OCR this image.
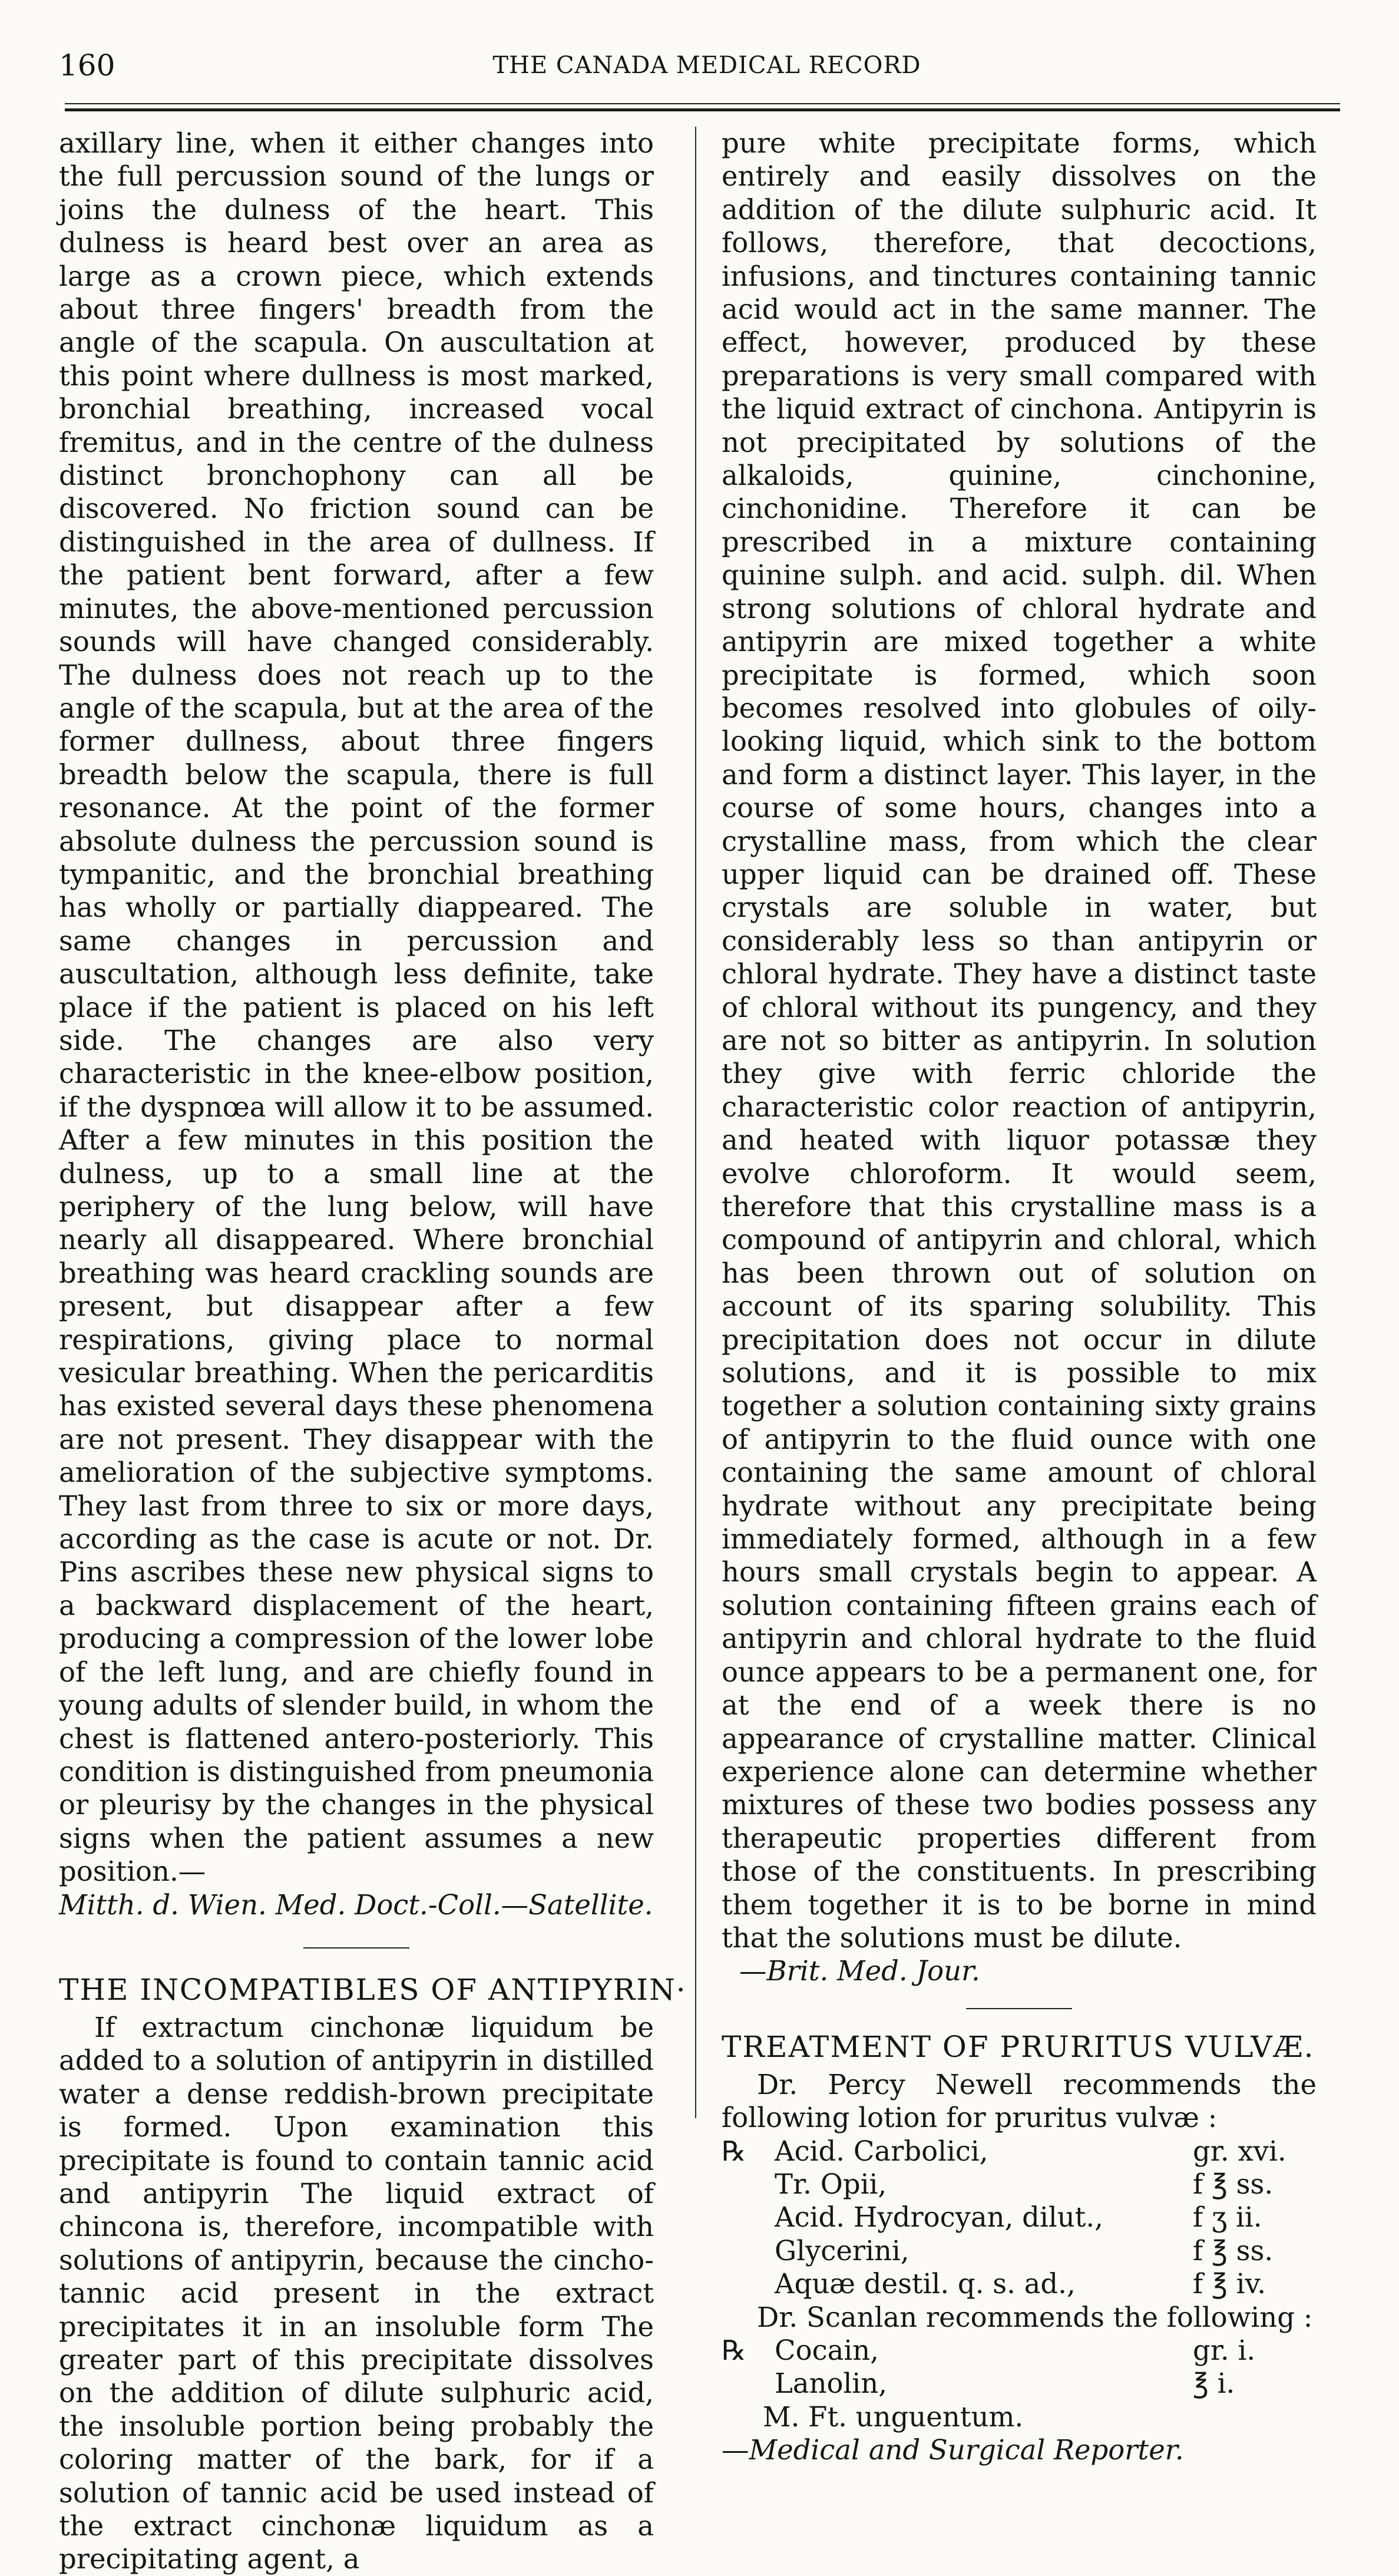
160	THE CANADA MEDICAL RECORD

axillary line, when it either changes into the full percussion sound of the lungs or joins the dulness of the heart. This dulness is heard best over an area as large as a crown piece, which extends about three fingers' breadth from the angle of the scapula. On auscultation at this point where dullness is most marked, bronchial breathing, increased vocal fremitus, and in the centre of the dulness distinct bronchophony can all be discovered. No friction sound can be distinguished in the area of dullness. If the patient bent forward, after a few minutes, the above-mentioned percussion sounds will have changed considerably. The dulness does not reach up to the angle of the scapula, but at the area of the former dullness, about three fingers breadth below the scapula, there is full resonance. At the point of the former absolute dulness the percussion sound is tympanitic, and the bronchial breathing has wholly or partially diappeared. The same changes in percussion and auscultation, although less definite, take place if the patient is placed on his left side. The changes are also very characteristic in the knee-elbow position, if the dyspnœa will allow it to be assumed. After a few minutes in this position the dulness, up to a small line at the periphery of the lung below, will have nearly all disappeared. Where bronchial breathing was heard crackling sounds are present, but disappear after a few respirations, giving place to normal vesicular breathing. When the pericarditis has existed several days these phenomena are not present. They disappear with the amelioration of the subjective symptoms. They last from three to six or more days, according as the case is acute or not. Dr. Pins ascribes these new physical signs to a backward displacement of the heart, producing a compression of the lower lobe of the left lung, and are chiefly found in young adults of slender build, in whom the chest is flattened antero-posteriorly. This condition is distinguished from pneumonia or pleurisy by the changes in the physical signs when the patient assumes a new position.—

Mitth. d. Wien. Med. Doct.-Coll.—Satellite.

THE INCOMPATIBLES OF ANTIPYRIN·

If extractum cinchonæ liquidum be added to a solution of antipyrin in distilled water a dense reddish-brown precipitate is formed. Upon examination this precipitate is found to contain tannic acid and antipyrin The liquid extract of chincona is, therefore, incompatible with solutions of antipyrin, because the cincho-tannic acid present in the extract precipitates it in an insoluble form The greater part of this precipitate dissolves on the addition of dilute sulphuric acid, the insoluble portion being probably the coloring matter of the bark, for if a solution of tannic acid be used instead of the extract cinchonæ liquidum as a precipitating agent, a

pure white precipitate forms, which entirely and easily dissolves on the addition of the dilute sulphuric acid. It follows, therefore, that decoctions, infusions, and tinctures containing tannic acid would act in the same manner. The effect, however, produced by these preparations is very small compared with the liquid extract of cinchona. Antipyrin is not precipitated by solutions of the alkaloids, quinine, cinchonine, cinchonidine. Therefore it can be prescribed in a mixture containing quinine sulph. and acid. sulph. dil. When strong solutions of chloral hydrate and antipyrin are mixed together a white precipitate is formed, which soon becomes resolved into globules of oily-looking liquid, which sink to the bottom and form a distinct layer. This layer, in the course of some hours, changes into a crystalline mass, from which the clear upper liquid can be drained off. These crystals are soluble in water, but considerably less so than antipyrin or chloral hydrate. They have a distinct taste of chloral without its pungency, and they are not so bitter as antipyrin. In solution they give with ferric chloride the characteristic color reaction of antipyrin, and heated with liquor potassæ they evolve chloroform. It would seem, therefore that this crystalline mass is a compound of antipyrin and chloral, which has been thrown out of solution on account of its sparing solubility. This precipitation does not occur in dilute solutions, and it is possible to mix together a solution containing sixty grains of antipyrin to the fluid ounce with one containing the same amount of chloral hydrate without any precipitate being immediately formed, although in a few hours small crystals begin to appear. A solution containing fifteen grains each of antipyrin and chloral hydrate to the fluid ounce appears to be a permanent one, for at the end of a week there is no appearance of crystalline matter. Clinical experience alone can determine whether mixtures of these two bodies possess any therapeutic properties different from those of the constituents. In prescribing them together it is to be borne in mind that the solutions must be dilute.

—Brit. Med. Jour.

TREATMENT OF PRURITUS VULVÆ.

Dr. Percy Newell recommends the following lotion for pruritus vulvæ :

℞	Acid. Carbolici,	gr. xvi.
	Tr. Opii,	f ℥ ss.
	Acid. Hydrocyan, dilut.,	f ʒ ii.
	Glycerini,	f ℥ ss.
	Aquæ destil. q. s. ad.,	f ℥ iv.

Dr. Scanlan recommends the following :

℞	Cocain,	gr. i.
	Lanolin,	℥ i.
M. Ft. unguentum.		

—Medical and Surgical Reporter.
